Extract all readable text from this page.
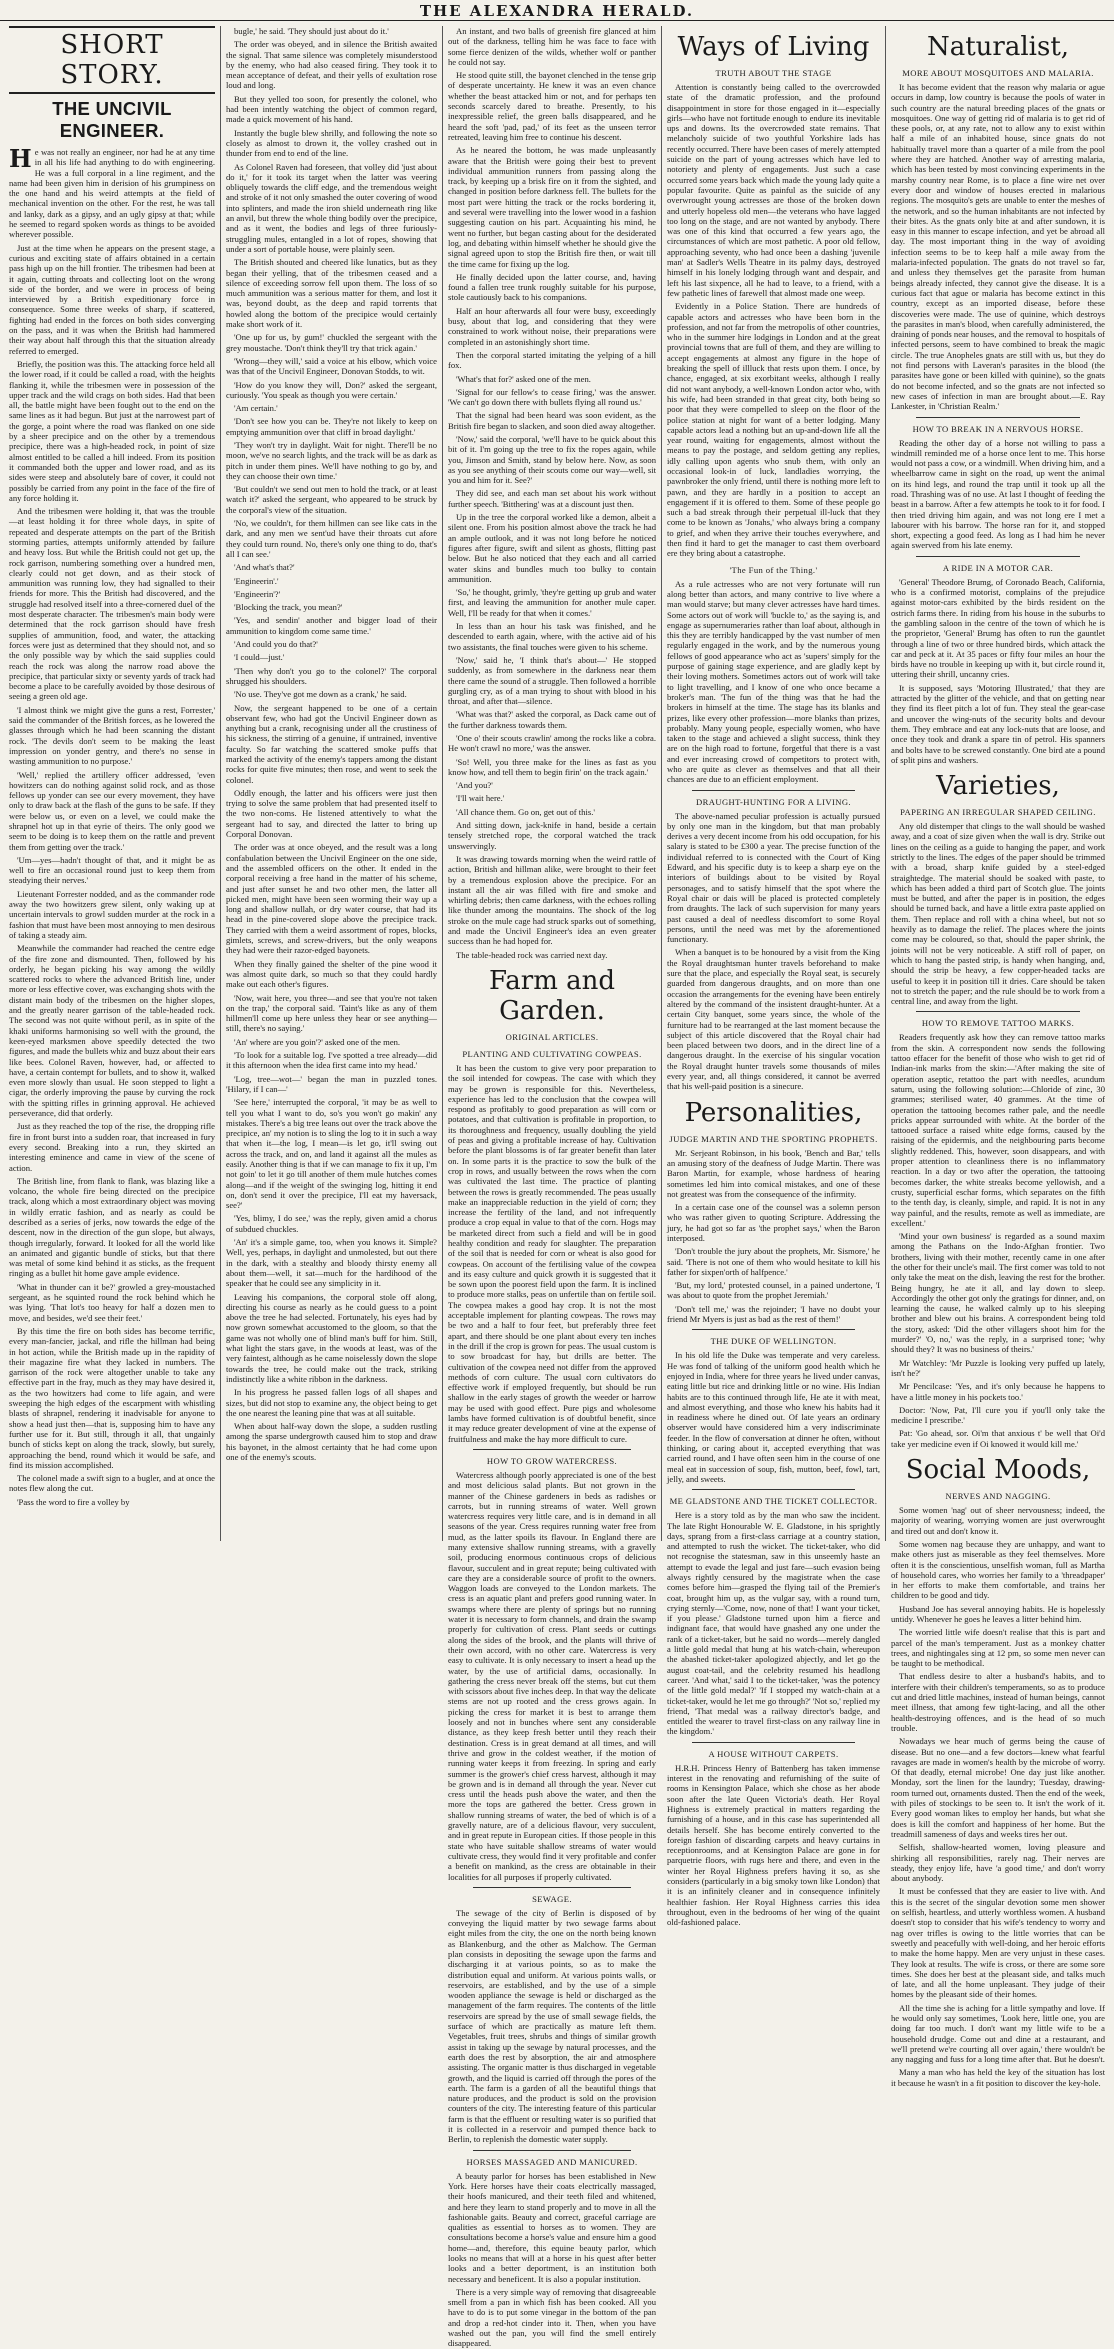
THE ALEXANDRA HERALD.
SHORT STORY.
THE UNCIVIL ENGINEER.

He was not really an engineer, nor had he at any time in all his life had anything to do with engineering. He was a full corporal in a line regiment, and the name had been given him in derision of his grumpiness on the one hand and his weird attempts at the field of mechanical invention on the other. For the rest, he was tall and lanky, dark as a gipsy, and an ugly gipsy at that; while he seemed to regard spoken words as things to be avoided wherever possible.

Just at the time when he appears on the present stage, a curious and exciting state of affairs obtained in a certain pass high up on the hill frontier. The tribesmen had been at it again, cutting throats and collecting loot on the wrong side of the border, and we were in process of being interviewed by a British expeditionary force in consequence. Some three weeks of sharp, if scattered, fighting had ended in the forces on both sides converging on the pass, and it was when the British had hammered their way about half through this that the situation already referred to emerged.

Briefly, the position was this. The attacking force held all the lower road, if it could be called a road, with the heights flanking it, while the tribesmen were in possession of the upper track and the wild crags on both sides. Had that been all, the battle might have been fought out to the end on the same lines as it had begun. But just at the narrowest part of the gorge, a point where the road was flanked on one side by a sheer precipice and on the other by a tremendous precipice, there was a high-headed rock, in point of size almost entitled to be called a hill indeed. From its position it commanded both the upper and lower road, and as its sides were steep and absolutely bare of cover, it could not possibly be carried from any point in the face of the fire of any force holding it.

And the tribesmen were holding it, that was the trouble—at least holding it for three whole days, in spite of repeated and desperate attempts on the part of the British storming parties, attempts uniformly attended by failure and heavy loss. But while the British could not get up, the rock garrison, numbering something over a hundred men, clearly could not get down, and as their stock of ammunition was running low, they had signalled to their friends for more. This the British had discovered, and the struggle had resolved itself into a three-cornered duel of the most desperate character. The tribesmen's main body were determined that the rock garrison should have fresh supplies of ammunition, food, and water, the attacking forces were just as determined that they should not, and so the only possible way by which the said supplies could reach the rock was along the narrow road above the precipice, that particular sixty or seventy yards of track had become a place to be carefully avoided by those desirous of seeing a green old age.

'I almost think we might give the guns a rest, Forrester,' said the commander of the British forces, as he lowered the glasses through which he had been scanning the distant rock. 'The devils don't seem to be making the least impression on yonder gentry, and there's no sense in wasting ammunition to no purpose.'

'Well,' replied the artillery officer addressed, 'even howitzers can do nothing against solid rock, and as those fellows up yonder can see our every movement, they have only to draw back at the flash of the guns to be safe. If they were below us, or even on a level, we could make the shrapnel hot up in that eyrie of theirs. The only good we seem to be doing is to keep them on the rattle and prevent them from getting over the track.'

'Um—yes—hadn't thought of that, and it might be as well to fire an occasional round just to keep them from steadying their nerves.'

Lieutenant Forrester nodded, and as the commander rode away the two howitzers grew silent, only waking up at uncertain intervals to growl sudden murder at the rock in a fashion that must have been most annoying to men desirous of taking a steady aim.

Meanwhile the commander had reached the centre edge of the fire zone and dismounted. Then, followed by his orderly, he began picking his way among the wildly scattered rocks to where the advanced British line, under more or less effective cover, was exchanging shots with the distant main body of the tribesmen on the higher slopes, and the greatly nearer garrison of the table-headed rock. The second was not quite without peril, as in spite of the khaki uniforms harmonising so well with the ground, the keen-eyed marksmen above speedily detected the two figures, and made the bullets whiz and buzz about their ears like bees. Colonel Raven, however, had, or affected to have, a certain contempt for bullets, and to show it, walked even more slowly than usual. He soon stepped to light a cigar, the orderly improving the pause by curving the rock with the spitting rifles in grinning approval. He achieved perseverance, did that orderly.

Just as they reached the top of the rise, the dropping rifle fire in front burst into a sudden roar, that increased in fury every second. Breaking into a run, they skirted an interesting eminence and came in view of the scene of action.

The British line, from flank to flank, was blazing like a volcano, the whole fire being directed on the precipice track, along which a most extraordinary object was moving in wildly erratic fashion, and as nearly as could be described as a series of jerks, now towards the edge of the descent, now in the direction of the gun slope, but always, though irregularly, forward. It looked for all the world like an animated and gigantic bundle of sticks, but that there was metal of some kind behind it as sticks, as the frequent ringing as a bullet hit home gave ample evidence.

'What in thunder can it be?' growled a grey-moustached sergeant, as he squinted round the rock behind which he was lying. 'That lot's too heavy for half a dozen men to move, and besides, we'd see their feet.'

By this time the fire on both sides has become terrific, every man-fancier, jackal, and rifle the hillman had being in hot action, while the British made up in the rapidity of their magazine fire what they lacked in numbers. The garrison of the rock were altogether unable to take any effective part in the fray, much as they may have desired it, as the two howitzers had come to life again, and were sweeping the high edges of the escarpment with whistling blasts of shrapnel, rendering it inadvisable for anyone to show a head just then—that is, supposing him to have any further use for it. But still, through it all, that ungainly bunch of sticks kept on along the track, slowly, but surely, approaching the bend, round which it would be safe, and find its mission accomplished.

The colonel made a swift sign to a bugler, and at once the notes flew along the cut.

'Pass the word to fire a volley by

bugle,' he said. 'They should just about do it.'

The order was obeyed, and in silence the British awaited the signal. That same silence was completely misunderstood by the enemy, who had also ceased firing. They took it to mean acceptance of defeat, and their yells of exultation rose loud and long.

But they yelled too soon, for presently the colonel, who had been intently watching the object of common regard, made a quick movement of his hand.

Instantly the bugle blew shrilly, and following the note so closely as almost to drown it, the volley crashed out in thunder from end to end of the line.

As Colonel Raven had foreseen, that volley did 'just about do it,' for it took its target when the latter was veering obliquely towards the cliff edge, and the tremendous weight and stroke of it not only smashed the outer covering of wood into splinters, and made the iron shield underneath ring like an anvil, but threw the whole thing bodily over the precipice, and as it went, the bodies and legs of three furiously-struggling mules, entangled in a lot of ropes, showing that under a sort of portable house, were plainly seen.

The British shouted and cheered like lunatics, but as they began their yelling, that of the tribesmen ceased and a silence of exceeding sorrow fell upon them. The loss of so much ammunition was a serious matter for them, and lost it was, beyond doubt, as the deep and rapid torrents that howled along the bottom of the precipice would certainly make short work of it.

'One up for us, by gum!' chuckled the sergeant with the grey moustache. 'Don't think they'll try that trick again.'

'Wrong—they will,' said a voice at his elbow, which voice was that of the Uncivil Engineer, Donovan Stodds, to wit.

'How do you know they will, Don?' asked the sergeant, curiously. 'You speak as though you were certain.'

'Am certain.'

'Don't see how you can be. They're not likely to keep on emptying ammunition over that cliff in broad daylight.'

'They won't try in daylight. Wait for night. There'll be no moon, we've no search lights, and the track will be as dark as pitch in under them pines. We'll have nothing to go by, and they can choose their own time.'

'But couldn't we send out men to hold the track, or at least watch it?' asked the sergeant, who appeared to be struck by the corporal's view of the situation.

'No, we couldn't, for them hillmen can see like cats in the dark, and any men we sent'ud have their throats cut afore they could turn round. No, there's only one thing to do, that's all I can see.'

'And what's that?'

'Engineerin'.'

'Engineerin'?'

'Blocking the track, you mean?'

'Yes, and sendin' another and bigger load of their ammunition to kingdom come same time.'

'And could you do that?'

'I could—just.'

'Then why don't you go to the colonel?' The corporal shrugged his shoulders.

'No use. They've got me down as a crank,' he said.

Now, the sergeant happened to be one of a certain observant few, who had got the Uncivil Engineer down as anything but a crank, recognising under all the crustiness of his sickness, the stirring of a genuine, if untrained, inventive faculty. So far watching the scattered smoke puffs that marked the activity of the enemy's tappers among the distant rocks for quite five minutes; then rose, and went to seek the colonel.

Oddly enough, the latter and his officers were just then trying to solve the same problem that had presented itself to the two non-coms. He listened attentively to what the sergeant had to say, and directed the latter to bring up Corporal Donovan.

The order was at once obeyed, and the result was a long confabulation between the Uncivil Engineer on the one side, and the assembled officers on the other. It ended in the corporal receiving a free hand in the matter of his scheme, and just after sunset he and two other men, the latter all picked men, might have been seen worming their way up a long and shallow nullah, or dry water course, that had its head in the pine-covered slope above the precipice track. They carried with them a weird assortment of ropes, blocks, gimlets, screws, and screw-drivers, but the only weapons they had were their razor-edged bayonets.

When they finally gained the shelter of the pine wood it was almost quite dark, so much so that they could hardly make out each other's figures.

'Now, wait here, you three—and see that you're not taken on the trap,' the corporal said. 'Taint's like as any of them hillmen'll come up here unless they hear or see anything—still, there's no saying.'

'An' where are you goin'?' asked one of the men.

'To look for a suitable log. I've spotted a tree already—did it this afternoon when the idea first came into my head.'

'Log, tree—wot—' began the man in puzzled tones. 'Hilary, if I can—'

'See here,' interrupted the corporal, 'it may be as well to tell you what I want to do, so's you won't go makin' any mistakes. There's a big tree leans out over the track above the precipice, an' my notion is to sling the log to it in such a way that when it—the log, I mean—is let go, it'll swing out across the track, and on, and land it against all the mules as easily. Another thing is that if we can manage to fix it up, I'm not goin' to let it go till another of them mule hutches comes along—and if the weight of the swinging log, hitting it end on, don't send it over the precipice, I'll eat my haversack, see?'

'Yes, blimy, I do see,' was the reply, given amid a chorus of subdued chuckles.

'An' it's a simple game, too, when you knows it. Simple? Well, yes, perhaps, in daylight and unmolested, but out there in the dark, with a stealthy and bloody thirsty enemy all about them—well, it sat—much for the hardihood of the speaker that he could see any simplicity in it.

Leaving his companions, the corporal stole off along, directing his course as nearly as he could guess to a point above the tree he had selected. Fortunately, his eyes had by now grown somewhat accustomed to the gloom, so that the game was not wholly one of blind man's buff for him. Still, what light the stars gave, in the woods at least, was of the very faintest, although as he came noiselessly down the slope towards the tree, he could make out the track, striking indistinctly like a white ribbon in the darkness.

In his progress he passed fallen logs of all shapes and sizes, but did not stop to examine any, the object being to get the one nearest the leaning pine that was at all suitable.

When about half-way down the slope, a sudden rustling among the sparse undergrowth caused him to stop and draw his bayonet, in the almost certainty that he had come upon one of the enemy's scouts.

An instant, and two balls of greenish fire glanced at him out of the darkness, telling him he was face to face with some fierce denizen of the wilds, whether wolf or panther he could not say.

He stood quite still, the bayonet clenched in the tense grip of desperate uncertainty. He knew it was an even chance whether the beast attacked him or not, and for perhaps ten seconds scarcely dared to breathe. Presently, to his inexpressible relief, the green balls disappeared, and he heard the soft 'pad, pad,' of its feet as the unseen terror retreated, leaving him free to continue his descent.

As he neared the bottom, he was made unpleasantly aware that the British were going their best to prevent individual ammunition runners from passing along the track, by keeping up a brisk fire on it from the sighted, and changed in position before darkness fell. The bullets for the most part were hitting the track or the rocks bordering it, and several were travelling into the lower wood in a fashion suggesting caution on his part. Acquainting his mind, he went no further, but began casting about for the desiderated log, and debating within himself whether he should give the signal agreed upon to stop the British fire then, or wait till the time came for fixing up the log.

He finally decided upon the latter course, and, having found a fallen tree trunk roughly suitable for his purpose, stole cautiously back to his companions.

Half an hour afterwards all four were busy, exceedingly busy, about that log, and considering that they were constrained to work without noise, their preparations were completed in an astonishingly short time.

Then the corporal started imitating the yelping of a hill fox.

'What's that for?' asked one of the men.

'Signal for our fellow's to cease firing,' was the answer. 'We can't go down there with bullets flying all round us.'

That the signal had been heard was soon evident, as the British fire began to slacken, and soon died away altogether.

'Now,' said the corporal, 'we'll have to be quick about this bit of it. I'm going up the tree to fix the ropes again, while you, Jimson and Smith, stand by below here. Now, as soon as you see anything of their scouts come our way—well, sit you and him for it. See?'

They did see, and each man set about his work without further speech. 'Bitthering' was at a discount just then.

Up in the tree the corporal worked like a demon, albeit a silent one. From his position almost above the track he had an ample outlook, and it was not long before he noticed figures after figure, swift and silent as ghosts, flitting past below. But he also noticed that they each and all carried water skins and bundles much too bulky to contain ammunition.

'So,' he thought, grimly, 'they're getting up grub and water first, and leaving the ammunition for another mule caper. Well, I'll be ready for that when it comes.'

In less than an hour his task was finished, and he descended to earth again, where, with the active aid of his two assistants, the final touches were given to his scheme.

'Now,' said he, 'I think that's about—' He stopped suddenly, as from somewhere in the darkness near them there came the sound of a struggle. Then followed a horrible gurgling cry, as of a man trying to shout with blood in his throat, and after that—silence.

'What was that?' asked the corporal, as Dack came out of the further darkness towards them.

'One o' their scouts crawlin' among the rocks like a cobra. He won't crawl no more,' was the answer.

'So! Well, you three make for the lines as fast as you know how, and tell them to begin firin' on the track again.'

'And you?'

'I'll wait here.'

'All chance them. Go on, get out of this.'

And sitting down, jack-knife in hand, beside a certain tensely stretched rope, the corporal watched the track unswervingly.

It was drawing towards morning when the weird rattle of action, British and hillman alike, were brought to their feet by a tremendous explosion above the precipice. For an instant all the air was filled with fire and smoke and whirling debris; then came darkness, with the echoes rolling like thunder among the mountains. The shock of the log stroke on the mule cage had struck sparks out of something, and made the Uncivil Engineer's idea an even greater success than he had hoped for.

The table-headed rock was carried next day.

Farm and Garden.
ORIGINAL ARTICLES.
PLANTING AND CULTIVATING COWPEAS.

It has been the custom to give very poor preparation to the soil intended for cowpeas. The case with which they may be grown is responsible for this. Nevertheless, experience has led to the conclusion that the cowpea will respond as profitably to good preparation as will corn or potatoes, and that cultivation is profitable in proportion, to its thoroughness and frequency, usually doubling the yield of peas and giving a profitable increase of hay. Cultivation before the plant blossoms is of far greater benefit than later on. In some parts it is the practice to sow the bulk of the crop in rows, and usually between the rows when the corn was cultivated the last time. The practice of planting between the rows is greatly recommended. The peas usually make an inappreciable reduction in the yield of corn; they increase the fertility of the land, and not infrequently produce a crop equal in value to that of the corn. Hogs may be marketed direct from such a field and will be in good healthy condition and ready for slaughter. The preparation of the soil that is needed for corn or wheat is also good for cowpeas. On account of the fertilising value of the cowpea and its easy culture and quick growth it is suggested that it be sown upon the poorest field upon the farm. It is inclined to produce more stalks, peas on unfertile than on fertile soil. The cowpea makes a good hay crop. It is not the most acceptable implement for planting cowpeas. The rows may be two and a half to four feet, but preferably three feet apart, and there should be one plant about every ten inches in the drill if the crop is grown for peas. The usual custom is to sow broadcast for hay, but drills are better. The cultivation of the cowpea need not differ from the approved methods of corn culture. The usual corn cultivators do effective work if employed frequently, but should be run shallow in the early stages of growth the weeder or harrow may be used with good effect. Pure pigs and wholesome lambs have formed cultivation is of doubtful benefit, since it may reduce greater development of vine at the expense of fruitfulness and make the hay more difficult to cure.

HOW TO GROW WATERCRESS.

Watercress although poorly appreciated is one of the best and most delicious salad plants. But not grown in the manner of the Chinese gardeners in beds as radishes or carrots, but in running streams of water. Well grown watercress requires very little care, and is in demand in all seasons of the year. Cress requires running water free from mud, as the latter spoils its flavour. In England there are many extensive shallow running streams, with a gravelly soil, producing enormous continuous crops of delicious flavour, succulent and in great repute; being cultivated with care they are a considerable source of profit to the owners. Waggon loads are conveyed to the London markets. The cress is an aquatic plant and prefers good running water. In swamps where there are plenty of springs but no running water it is necessary to form channels, and drain the swamp properly for cultivation of cress. Plant seeds or cuttings along the sides of the brook, and the plants will thrive of their own accord, with no other care. Watercress is very easy to cultivate. It is only necessary to insert a head up the water, by the use of artificial dams, occasionally. In gathering the cress never break off the stems, but cut them with scissors about five inches deep. In that way the delicate stems are not up rooted and the cress grows again. In picking the cress for market it is best to arrange them loosely and not in bunches where sent any considerable distance, as they keep fresh better until they reach their destination. Cress is in great demand at all times, and will thrive and grow in the coldest weather, if the motion of running water keeps it from freezing. In spring and early summer is the grower's chief cress harvest, although it may be grown and is in demand all through the year. Never cut cress until the heads push above the water, and then the more the tops are gathered the better. Cress grown in shallow running streams of water, the bed of which is of a gravelly nature, are of a delicious flavour, very succulent, and in great repute in European cities. If those people in this state who have suitable shallow streams of water would cultivate cress, they would find it very profitable and confer a benefit on mankind, as the cress are obtainable in their localities for all purposes if properly cultivated.

SEWAGE.

The sewage of the city of Berlin is disposed of by conveying the liquid matter by two sewage farms about eight miles from the city, the one on the north being known as Blankenburg, and the other as Malchow. The German plan consists in depositing the sewage upon the farms and discharging it at various points, so as to make the distribution equal and uniform. At various points walls, or reservoirs, are established, and by the use of a simple wooden appliance the sewage is held or discharged as the management of the farm requires. The contents of the little reservoirs are spread by the use of small sewage fields, the surface of which are practically as mature left them. Vegetables, fruit trees, shrubs and things of similar growth assist in taking up the sewage by natural processes, and the earth does the rest by absorption, the air and atmosphere assisting. The organic matter is thus discharged in vegetable growth, and the liquid is carried off through the pores of the earth. The farm is a garden of all the beautiful things that nature produces, and the product is sold on the provision counters of the city. The interesting feature of this particular farm is that the effluent or resulting water is so purified that it is collected in a reservoir and pumped thence back to Berlin, to replenish the domestic water supply.

HORSES MASSAGED AND MANICURED.

A beauty parlor for horses has been established in New York. Here horses have their coats electrically massaged, their hoofs manicured, and their teeth filed and whitened, and here they learn to stand properly and to move in all the fashionable gaits. Beauty and correct, graceful carriage are qualities as essential to horses as to women. They are consultations become a horse's value and ensure him a good home—and, therefore, this equine beauty parlor, which looks no means that will at a horse in his quest after better looks and a better deportment, is an institution both necessary and beneficent. It is also a popular institution.

There is a very simple way of removing that disagreeable smell from a pan in which fish has been cooked. All you have to do is to put some vinegar in the bottom of the pan and drop a red-hot cinder into it. Then, when you have washed out the pan, you will find the smell entirely disappeared.

Ways of Living
TRUTH ABOUT THE STAGE

Attention is constantly being called to the overcrowded state of the dramatic profession, and the profound disappointment in store for those engaged in it—especially girls—who have not fortitude enough to endure its inevitable ups and downs. Its the overcrowded state remains. That melancholy suicide of two youthful Yorkshire lads has recently occurred. There have been cases of merely attempted suicide on the part of young actresses which have led to notoriety and plenty of engagements. Just such a case occurred some years back which made the young lady quite a popular favourite. Quite as painful as the suicide of any overwrought young actresses are those of the broken down and utterly hopeless old men—the veterans who have lagged too long on the stage, and are not wanted by anybody. There was one of this kind that occurred a few years ago, the circumstances of which are most pathetic. A poor old fellow, approaching seventy, who had once been a dashing 'juvenile man' at Sadler's Wells Theatre in its palmy days, destroyed himself in his lonely lodging through want and despair, and left his last sixpence, all he had to leave, to a friend, with a few pathetic lines of farewell that almost made one weep.

Evidently in a Police Station. There are hundreds of capable actors and actresses who have been born in the profession, and not far from the metropolis of other countries, who in the summer hire lodgings in London and at the great provincial towns that are full of them, and they are willing to accept engagements at almost any figure in the hope of breaking the spell of illluck that rests upon them. I once, by chance, engaged, at six exorbitant weeks, although I really did not want anybody, a well-known London actor who, with his wife, had been stranded in that great city, both being so poor that they were compelled to sleep on the floor of the police station at night for want of a better lodging. Many capable actors lead a nothing but an up-and-down life all the year round, waiting for engagements, almost without the means to pay the postage, and seldom getting any replies, idly calling upon agents who snub them, with only an occasional look-in of luck, landladies worrying, the pawnbroker the only friend, until there is nothing more left to pawn, and they are hardly in a position to accept an engagement if it is offered to them. Some of these people go such a bad streak through their perpetual ill-luck that they come to be known as 'Jonahs,' who always bring a company to grief, and when they arrive their touches everywhere, and then find it hard to get the manager to cast them overboard ere they bring about a catastrophe.

'The Fun of the Thing.'

As a rule actresses who are not very fortunate will run along better than actors, and many contrive to live where a man would starve; but many clever actresses have hard times. Some actors out of work will 'buckle to,' as the saying is, and engage as supernumeraries rather than loaf about, although in this they are terribly handicapped by the vast number of men regularly engaged in the work, and by the numerous young fellows of good appearance who act as 'supers' simply for the purpose of gaining stage experience, and are gladly kept by their loving mothers. Sometimes actors out of work will take to light travelling, and I know of one who once became a broker's man. 'The fun of the thing was that he had the brokers in himself at the time. The stage has its blanks and prizes, like every other profession—more blanks than prizes, probably. Many young people, especially women, who have taken to the stage and achieved a slight success, think they are on the high road to fortune, forgetful that there is a vast and ever increasing crowd of competitors to protect with, who are quite as clever as themselves and that all their chances are due to an efficient employment.

DRAUGHT-HUNTING FOR A LIVING.

The above-named peculiar profession is actually pursued by only one man in the kingdom, but that man probably derives a very decent income from his odd occupation, for his salary is stated to be £300 a year. The precise function of the individual referred to is connected with the Court of King Edward, and his specific duty is to keep a sharp eye on the interiors of buildings about to be visited by Royal personages, and to satisfy himself that the spot where the Royal chair or dais will be placed is protected completely from draughts. The lack of such supervision for many years past caused a deal of needless discomfort to some Royal persons, until the need was met by the aforementioned functionary.

When a banquet is to be honoured by a visit from the King the Royal draughtsman hunter travels beforehand to make sure that the place, and especially the Royal seat, is securely guarded from dangerous draughts, and on more than one occasion the arrangements for the evening have been entirely altered by the command of the insistent draught-hunter. At a certain City banquet, some years since, the whole of the furniture had to be rearranged at the last moment because the subject of this article discovered that the Royal chair had been placed between two doors, and in the direct line of a dangerous draught. In the exercise of his singular vocation the Royal draught hunter travels some thousands of miles every year, and, all things considered, it cannot be averred that his well-paid position is a sinecure.

Personalities,
JUDGE MARTIN AND THE SPORTING PROPHETS.

Mr. Serjeant Robinson, in his book, 'Bench and Bar,' tells an amusing story of the deafness of Judge Martin. There was Baron Martin, for example, whose hardness of hearing sometimes led him into comical mistakes, and one of these not greatest was from the consequence of the infirmity.

In a certain case one of the counsel was a solemn person who was rather given to quoting Scripture. Addressing the jury, he had got so far as 'the prophet says,' when the Baron interposed.

'Don't trouble the jury about the prophets, Mr. Sismore,' he said. 'There is not one of them who would hesitate to kill his father for sixpen'orth of halfpence.'

'But, my lord,' protested counsel, in a pained undertone, 'I was about to quote from the prophet Jeremiah.'

'Don't tell me,' was the rejoinder; 'I have no doubt your friend Mr Myers is just as bad as the rest of them!'

THE DUKE OF WELLINGTON.

In his old life the Duke was temperate and very careless. He was fond of talking of the uniform good health which he enjoyed in India, where for three years he lived under canvas, eating little but rice and drinking little or no wine. His Indian habits are to this continued through life, He ate it with meat, and almost everything, and those who knew his habits had it in readiness where he dined out. Of late years an ordinary observer would have considered him a very indiscriminate feeder. In the flow of conversation at dinner he often, without thinking, or caring about it, accepted everything that was carried round, and I have often seen him in the course of one meal eat in succession of soup, fish, mutton, beef, fowl, tart, jelly, and sweets.

ME GLADSTONE AND THE TICKET COLLECTOR.

Here is a story told as by the man who saw the incident. The late Right Honourable W. E. Gladstone, in his sprightly days, sprang from a first-class carriage at a country station, and attempted to rush the wicket. The ticket-taker, who did not recognise the statesman, saw in this unseemly haste an attempt to evade the legal and just fare—such evasion being always rightly censured by the magistrate when the case comes before him—grasped the flying tail of the Premier's coat, brought him up, as the vulgar say, with a round turn, crying sternly—'Come, now, none of that! I want your ticket, if you please.' Gladstone turned upon him a fierce and indignant face, that would have gnashed any one under the rank of a ticket-taker, but he said no words—merely dangled a little gold medal that hung at his watch-chain, whereupon the abashed ticket-taker apologized abjectly, and let go the august coat-tail, and the celebrity resumed his headlong career. 'And what,' said I to the ticket-taker, 'was the potency of the little gold medal?' 'If I stopped my watch-chain at a ticket-taker, would he let me go through?' 'Not so,' replied my friend, 'That medal was a railway director's badge, and entitled the wearer to travel first-class on any railway line in the kingdom.'

A HOUSE WITHOUT CARPETS.

H.R.H. Princess Henry of Battenberg has taken immense interest in the renovating and refurnishing of the suite of rooms in Kensington Palace, which she chose as her abode soon after the late Queen Victoria's death. Her Royal Highness is extremely practical in matters regarding the furnishing of a house, and in this case has superintended all details herself. She has become entirely converted to the foreign fashion of discarding carpets and heavy curtains in receptionrooms, and at Kensington Palace are gone in for parquetrie floors, with rugs here and there, and even in the winter her Royal Highness prefers having it so, as she considers (particularly in a big smoky town like London) that it is an infinitely cleaner and in consequence infinitely healthier fashion. Her Royal Highness carries this idea throughout, even in the bedrooms of her wing of the quaint old-fashioned palace.

Naturalist,
MORE ABOUT MOSQUITOES AND MALARIA.

It has become evident that the reason why malaria or ague occurs in damp, low country is because the pools of water in such country are the natural breeding places of the gnats or mosquitoes. One way of getting rid of malaria is to get rid of these pools, or, at any rate, not to allow any to exist within half a mile of an inhabited house, since gnats do not habitually travel more than a quarter of a mile from the pool where they are hatched. Another way of arresting malaria, which has been tested by most convincing experiments in the marshy country near Rome, is to place a fine wire net over every door and window of houses erected in malarious regions. The mosquito's gets are unable to enter the meshes of the network, and so the human inhabitants are not infected by their bites. As the gnats only bite at and after sundown, it is easy in this manner to escape infection, and yet be abroad all day. The most important thing in the way of avoiding infection seems to be to keep half a mile away from the malaria-infected population. The gnats do not travel so far, and unless they themselves get the parasite from human beings already infected, they cannot give the disease. It is a curious fact that ague or malaria has become extinct in this country, except as an imported disease, before these discoveries were made. The use of quinine, which destroys the parasites in man's blood, when carefully administered, the draining of ponds near houses, and the removal to hospitals of infected persons, seem to have combined to break the magic circle. The true Anopheles gnats are still with us, but they do not find persons with Laveran's parasites in the blood (the parasites have gone or been killed with quinine), so the gnats do not become infected, and so the gnats are not infected so new cases of infection in man are brought about.—E. Ray Lankester, in 'Christian Realm.'

HOW TO BREAK IN A NERVOUS HORSE.

Reading the other day of a horse not willing to pass a windmill reminded me of a horse once lent to me. This horse would not pass a cow, or a windmill. When driving him, and a wheelbarrow came in sight on the road, up went the animal on its hind legs, and round the trap until it took up all the road. Thrashing was of no use. At last I thought of feeding the beast in a barrow. After a few attempts he took to it for food. I then tried driving him again, and was not long ere I met a labourer with his barrow. The horse ran for it, and stopped short, expecting a good feed. As long as I had him he never again swerved from his late enemy.

A RIDE IN A MOTOR CAR.

'General' Theodore Brumg, of Coronado Beach, California, who is a confirmed motorist, complains of the prejudice against motor-cars exhibited by the birds resident on the ostrich farms there. In riding from his house in the suburbs to the gambling saloon in the centre of the town of which he is the proprietor, 'General' Brumg has often to run the gauntlet through a line of two or three hundred birds, which attack the car and peck at it. At 35 paces or fifty four miles an hour the birds have no trouble in keeping up with it, but circle round it, uttering their shrill, uncanny cries.

It is supposed, says 'Motoring Illustrated,' that they are attracted by the glitter of the vehicle, and that on getting near they find its fleet pitch a lot of fun. They steal the gear-case and uncover the wing-nuts of the security bolts and devour them. They embrace and eat any lock-nuts that are loose, and once they took and drank a spare tin of petrol. His spanners and bolts have to be screwed constantly. One bird ate a pound of split pins and washers.

Varieties,
PAPERING AN IRREGULAR SHAPED CEILING.

Any old distemper that clings to the wall should be washed away, and a coat of size given when the wall is dry. Strike out lines on the ceiling as a guide to hanging the paper, and work strictly to the lines. The edges of the paper should be trimmed with a broad, sharp knife guided by a steel-edged straightedge. The material should be soaked with paste, to which has been added a third part of Scotch glue. The joints must be butted, and after the paper is in position, the edges should be turned back, and have a little extra paste applied on them. Then replace and roll with a china wheel, but not so heavily as to damage the relief. The places where the joints come may be coloured, so that, should the paper shrink, the joints will not be very noticeable. A stiff roll of paper, on which to hang the pasted strip, is handy when hanging, and, should the strip be heavy, a few copper-headed tacks are useful to keep it in position till it dries. Care should be taken not to stretch the paper; and the rule should be to work from a central line, and away from the light.

HOW TO REMOVE TATTOO MARKS.

Readers frequently ask how they can remove tattoo marks from the skin. A correspondent now sends the following tattoo effacer for the benefit of those who wish to get rid of Indian-ink marks from the skin:—'After making the site of operation aseptic, retattoo the part with needles, acundum saturn, using the following solution:—Chloride of zinc, 30 grammes; sterilised water, 40 grammes. At the time of operation the tattooing becomes rather pale, and the needle pricks appear surrounded with white. At the border of the tattooed surface a raised white edge forms, caused by the raising of the epidermis, and the neighbouring parts become slightly reddened. This, however, soon disappears, and with proper attention to cleanliness there is no inflammatory reaction. In a day or two after the operation, the tattooing becomes darker, the white streaks become yellowish, and a crusty, superficial eschar forms, which separates on the fifth to the tenth day, is cleanly, simple, and rapid. It is not in any way painful, and the results, remote as well as immediate, are excellent.'

'Mind your own business' is regarded as a sound maxim among the Pathans on the Indo-Afghan frontier. Two brothers, living with their mother, recently came in one after the other for their uncle's mail. The first comer was told to not only take the meat on the dish, leaving the rest for the brother. Being hungry, he ate it all, and lay down to sleep. Accordingly the other got only the gratings for dinner, and, on learning the cause, he walked calmly up to his sleeping brother and blew out his brains. A correspondent being told the story, asked: 'Did the other villagers shoot him for the murder?' 'O, no,' was the reply, in a surprised tone; 'why should they? It was no business of theirs.'

Mr Watchley: 'Mr Puzzle is looking very puffed up lately, isn't he?'

Mr Pencilcase: 'Yes, and it's only because he happens to have a little money in his pockets too.'

Doctor: 'Now, Pat, I'll cure you if you'll only take the medicine I prescribe.'

Pat: 'Go ahead, sor. Oi'm that anxious t' be well that Oi'd take yer medicine even if Oi knowed it would kill me.'

Social Moods,
NERVES AND NAGGING.

Some women 'nag' out of sheer nervousness; indeed, the majority of wearing, worrying women are just overwrought and tired out and don't know it.

Some women nag because they are unhappy, and want to make others just as miserable as they feel themselves. More often it is the conscientious, unselfish woman, full as Martha of household cares, who worries her family to a 'threadpaper' in her efforts to make them comfortable, and trains her children to be good and tidy.

Husband Joe has several annoying habits. He is hopelessly untidy. Whenever he goes he leaves a litter behind him.

The worried little wife doesn't realise that this is part and parcel of the man's temperament. Just as a monkey chatter trees, and nightingales sing at 12 pm, so some men never can be taught to be methodical.

That endless desire to alter a husband's habits, and to interfere with their children's temperaments, so as to produce cut and dried little machines, instead of human beings, cannot meet illness, that among few tight-lacing, and all the other health-destroying offences, and is the head of so much trouble.

Nowadays we hear much of germs being the cause of disease. But no one—and a few doctors—knew what fearful ravages are made in women's health by the microbe of worry. Of that deadly, eternal microbe! One day just like another. Monday, sort the linen for the laundry; Tuesday, drawing-room turned out, ornaments dusted. Then the end of the week, with piles of stockings to be seen to. It isn't the work of it. Every good woman likes to employ her hands, but what she does is kill the comfort and happiness of her home. But the treadmill sameness of days and weeks tires her out.

Selfish, shallow-hearted women, loving pleasure and shirking all responsibilities, rarely nag. Their nerves are steady, they enjoy life, have 'a good time,' and don't worry about anybody.

It must be confessed that they are easier to live with. And this is the secret of the singular devotion some men shower on selfish, heartless, and utterly worthless women. A husband doesn't stop to consider that his wife's tendency to worry and nag over trifles is owing to the little worries that can be sweetly and peacefully with well-doing, and her heroic efforts to make the home happy. Men are very unjust in these cases. They look at results. The wife is cross, or there are some sore times. She does her best at the pleasant side, and talks much of late, and all the home unpleasant. They judge of their homes by the pleasant side of their homes.

All the time she is aching for a little sympathy and love. If he would only say sometimes, 'Look here, little one, you are doing far too much. I don't want my little wife to be a household drudge. Come out and dine at a restaurant, and we'll pretend we're courting all over again,' there wouldn't be any nagging and fuss for a long time after that. But he doesn't.

Many a man who has held the key of the situation has lost it because he wasn't in a fit position to discover the key-hole.
